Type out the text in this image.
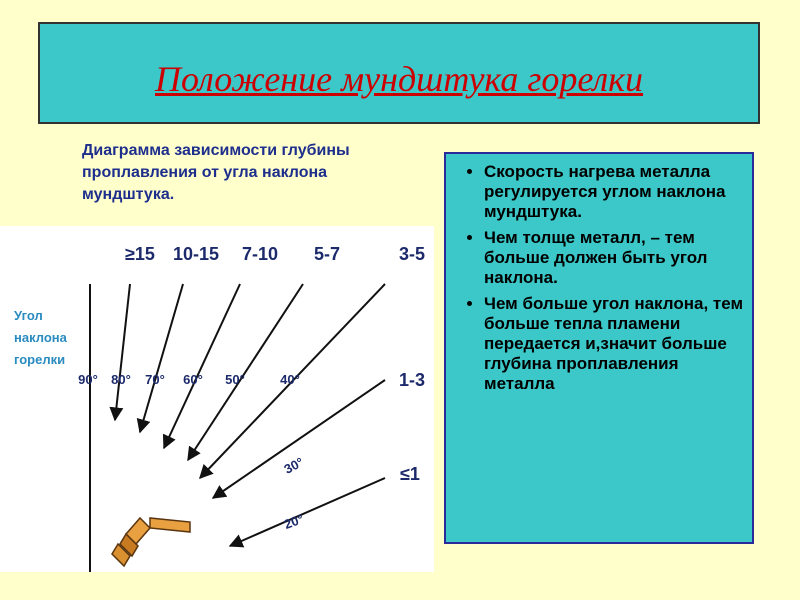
Положение мундштука горелки
Диаграмма зависимости глубины проплавления от угла наклона мундштука.
• Скорость нагрева металла регулируется углом наклона мундштука.
• Чем толще металл, – тем больше должен быть угол наклона.
• Чем больше угол наклона, тем больше тепла пламени передается и,значит больше глубина проплавления металла
Угол
наклона
горелки
≥15 10-15 7-10 5-7	3-5
1-3
≤1
90° 80° 70° 60° 50°	40°
30°
20°
